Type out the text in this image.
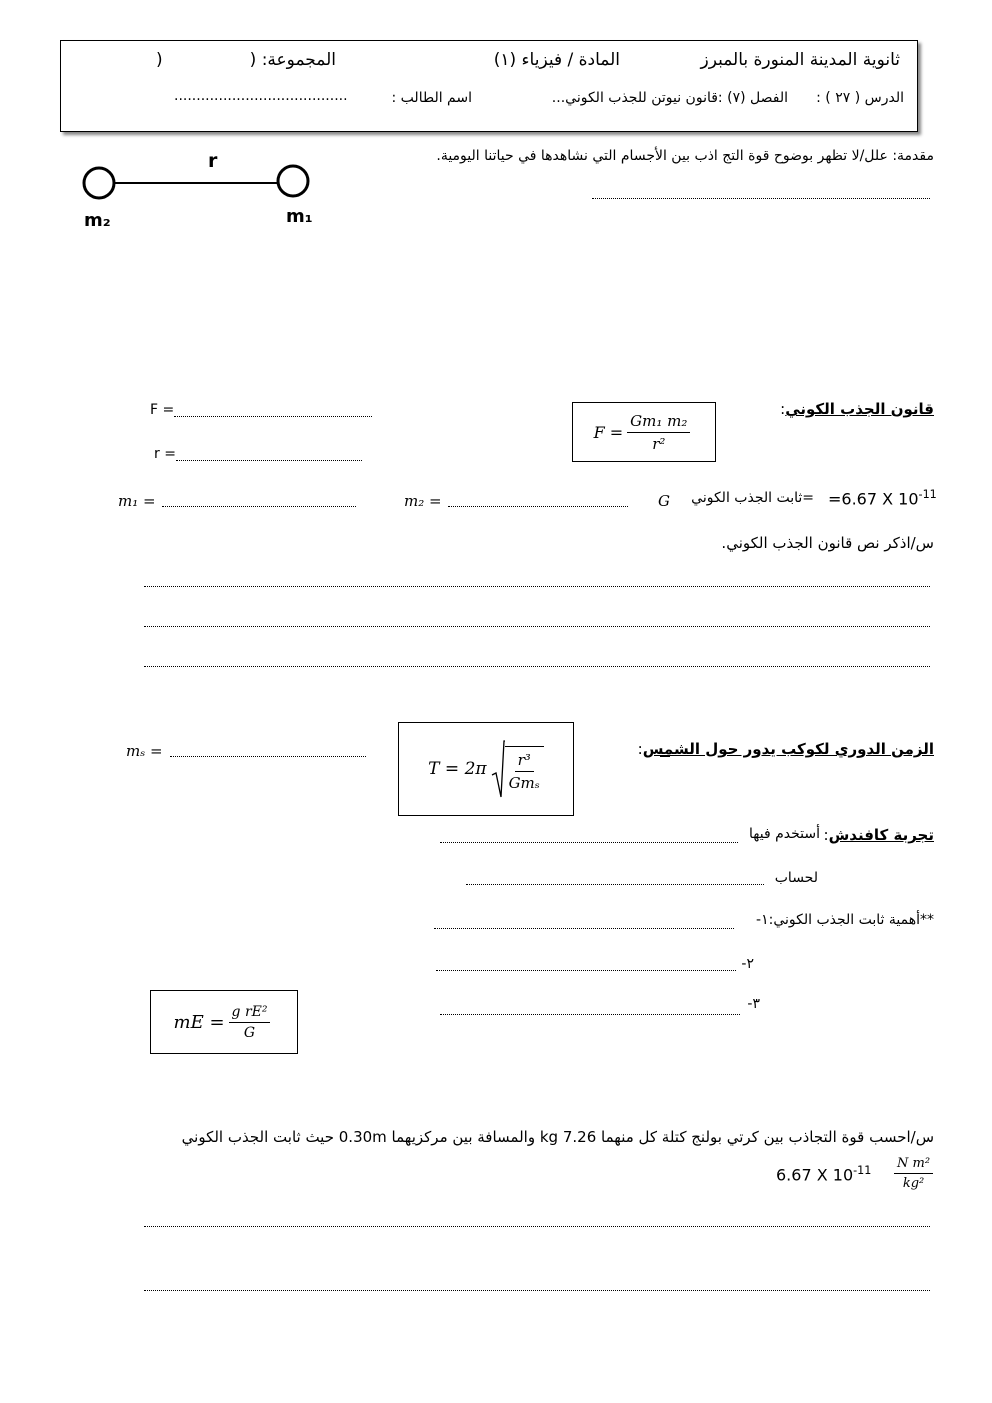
ثانوية المدينة المنورة بالمبرز
المادة / فيزياء (١)
المجموعة: (
)
الدرس ( ٢٧ ) :
الفصل (٧) :قانون نيوتن للجذب الكوني...
اسم الطالب :
.......................................
مقدمة: علل/لا تظهر بوضوح قوة التج اذب بين الأجسام التي نشاهدها في حياتنا اليومية.
r
m₂	m₁
قانون الجذب الكوني:
$F = \frac{\text{Gm₁ m₂}}{\text{r²}}$
F =
r =
m₁ =	m₂ =	G =ثابت الجذب الكوني =6.67 X $10^{-11}$
س/اذكر نص قانون الجذب الكوني.
الزمن الدوري لكوكب يدور حول الشمس:
$T = 2\pi \frac{\text{r³}}{\text{Gmₛ}}$
mₛ =
تجربة كافندش:
أستخدم فيها
لحساب
**أهمية ثابت الجذب الكوني:١-
٢-
٣-
mE = $\frac{\text{g rE²}}{G}$
س/احسب قوة التجاذب بين كرتي بولنج كتلة كل منهما 7.26 kg والمسافة بين مركزيهما 0.30m حيث ثابت الجذب الكوني
6.67 X $10^{-11} \frac{\text{N m²}}{\text{kg²}}$
